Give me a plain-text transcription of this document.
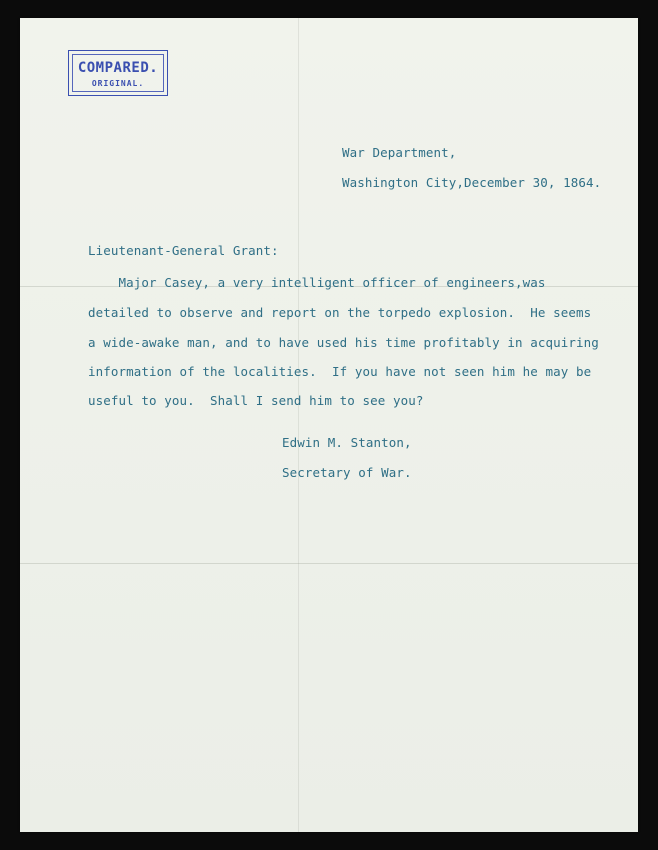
COMPARED.
ORIGINAL.
War Department,
Washington City,December 30, 1864.
Lieutenant-General Grant:
Major Casey, a very intelligent officer of engineers,was
detailed to observe and report on the torpedo explosion.  He seems
a wide-awake man, and to have used his time profitably in acquiring
information of the localities.  If you have not seen him he may be
useful to you.  Shall I send him to see you?
Edwin M. Stanton,
Secretary of War.
